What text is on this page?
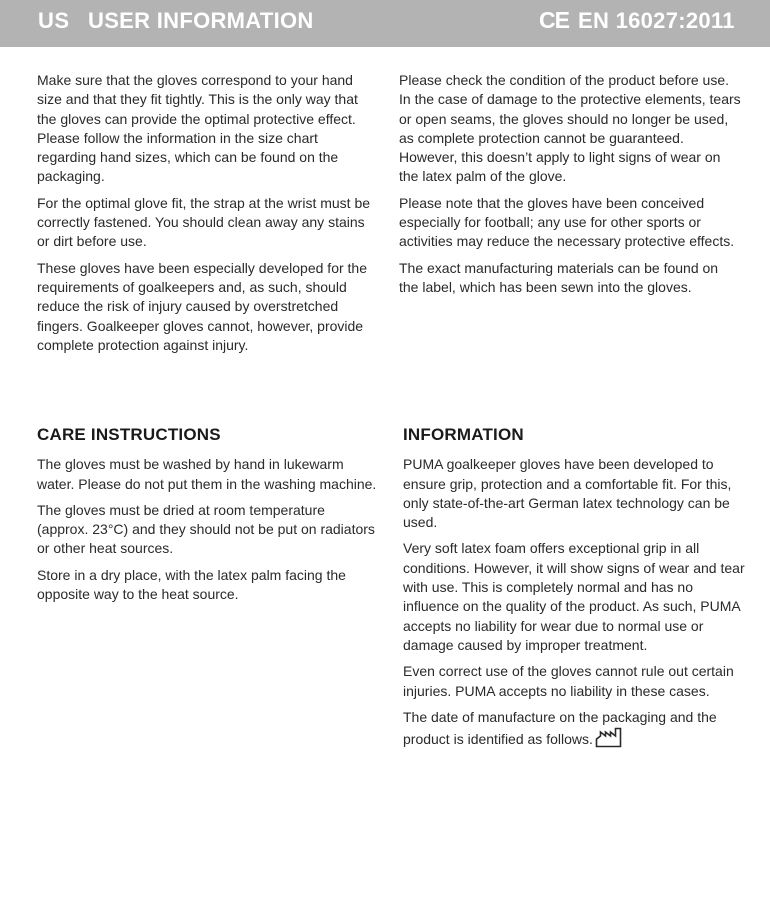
US USER INFORMATION	CE EN 16027:2011

Make sure that the gloves correspond to your hand size and that they fit tightly. This is the only way that the gloves can provide the optimal protective effect. Please follow the information in the size chart regarding hand sizes, which can be found on the packaging.

For the optimal glove fit, the strap at the wrist must be correctly fastened. You should clean away any stains or dirt before use.

These gloves have been especially developed for the requirements of goalkeepers and, as such, should reduce the risk of injury caused by overstretched fingers. Goalkeeper gloves cannot, however, provide complete protection against injury.

Please check the condition of the product before use. In the case of damage to the protective elements, tears or open seams, the gloves should no longer be used, as complete protection cannot be guaranteed. However, this doesn’t apply to light signs of wear on the latex palm of the glove.

Please note that the gloves have been conceived especially for football; any use for other sports or activities may reduce the necessary protective effects.

The exact manufacturing materials can be found on the label, which has been sewn into the gloves.

CARE INSTRUCTIONS

The gloves must be washed by hand in lukewarm water. Please do not put them in the washing machine.

The gloves must be dried at room temperature (approx. 23°C) and they should not be put on radiators or other heat sources.

Store in a dry place, with the latex palm facing the opposite way to the heat source.

INFORMATION

PUMA goalkeeper gloves have been developed to ensure grip, protection and a comfortable fit. For this, only state-of-the-art German latex technology can be used.

Very soft latex foam offers exceptional grip in all conditions. However, it will show signs of wear and tear with use. This is completely normal and has no influence on the quality of the product. As such, PUMA accepts no liability for wear due to normal use or damage caused by improper treatment.

Even correct use of the gloves cannot rule out certain injuries. PUMA accepts no liability in these cases.

The date of manufacture on the packaging and the product is identified as follows.
